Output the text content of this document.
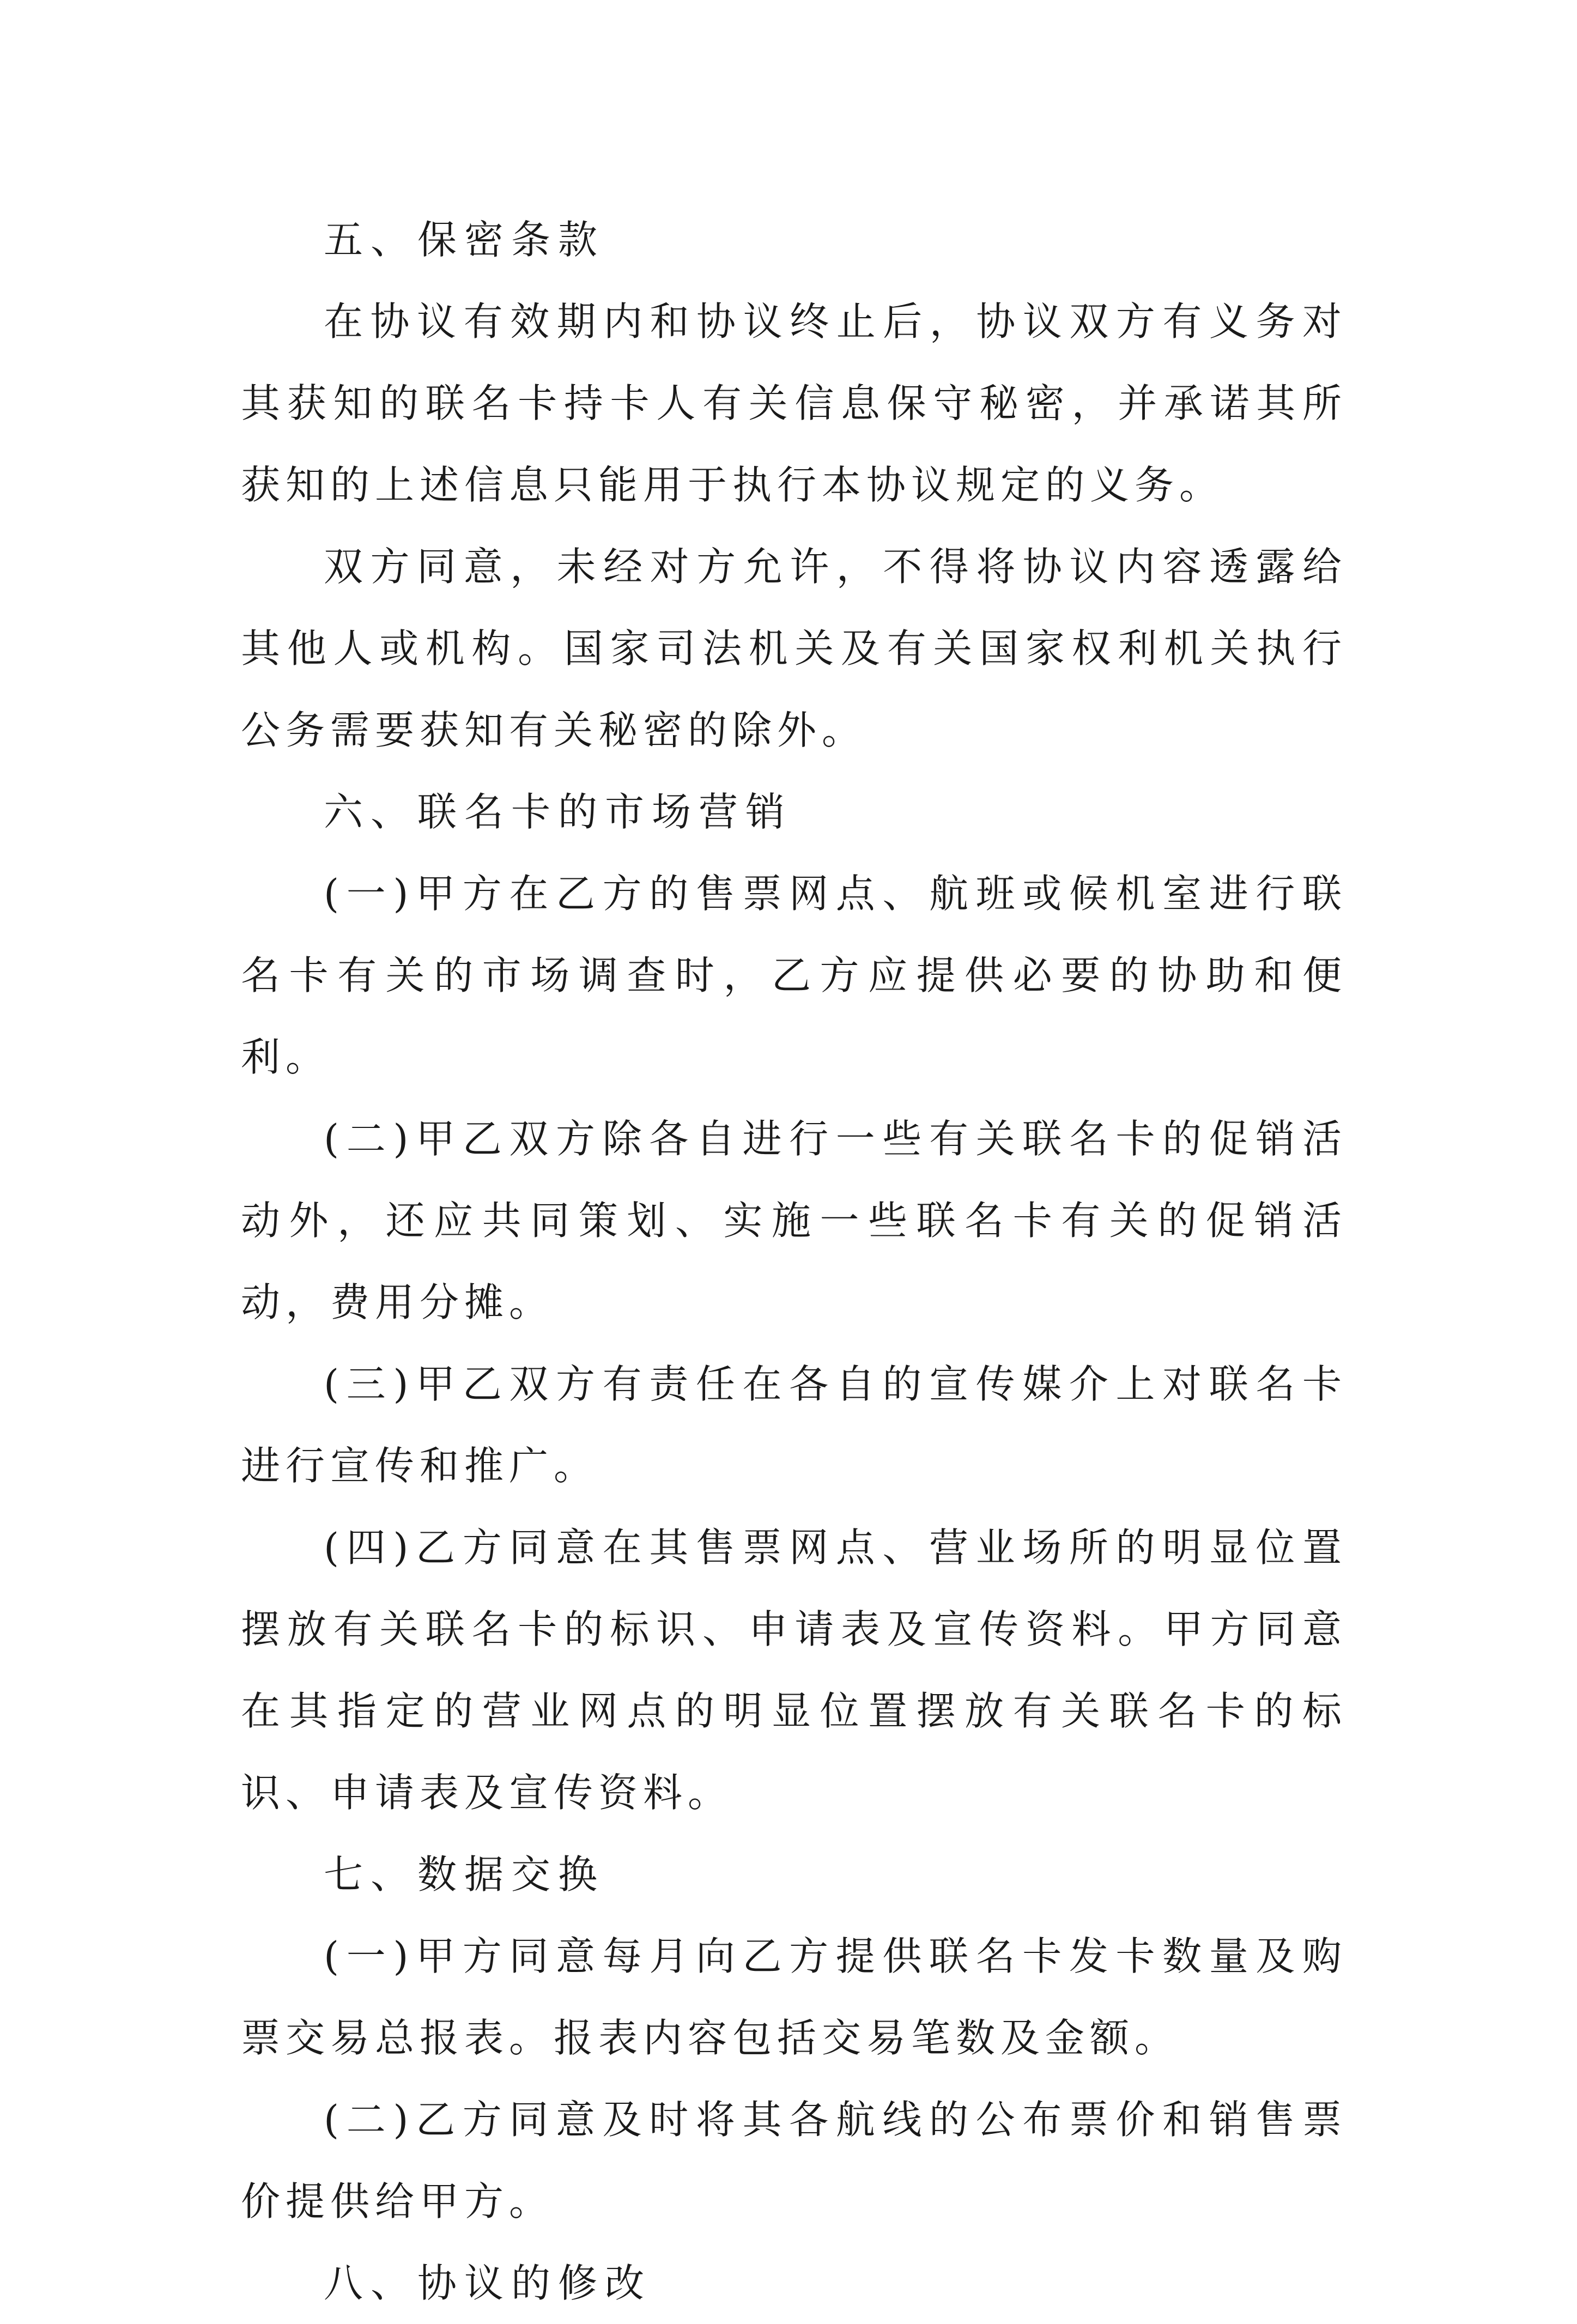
五、保密条款

在协议有效期内和协议终止后，协议双方有义务对其获知的联名卡持卡人有关信息保守秘密，并承诺其所获知的上述信息只能用于执行本协议规定的义务。

双方同意，未经对方允许，不得将协议内容透露给其他人或机构。国家司法机关及有关国家权利机关执行公务需要获知有关秘密的除外。

六、联名卡的市场营销

(一)甲方在乙方的售票网点、航班或候机室进行联名卡有关的市场调查时，乙方应提供必要的协助和便利。

(二)甲乙双方除各自进行一些有关联名卡的促销活动外，还应共同策划、实施一些联名卡有关的促销活动，费用分摊。

(三)甲乙双方有责任在各自的宣传媒介上对联名卡进行宣传和推广。

(四)乙方同意在其售票网点、营业场所的明显位置摆放有关联名卡的标识、申请表及宣传资料。甲方同意在其指定的营业网点的明显位置摆放有关联名卡的标识、申请表及宣传资料。

七、数据交换

(一)甲方同意每月向乙方提供联名卡发卡数量及购票交易总报表。报表内容包括交易笔数及金额。

(二)乙方同意及时将其各航线的公布票价和销售票价提供给甲方。

八、协议的修改
